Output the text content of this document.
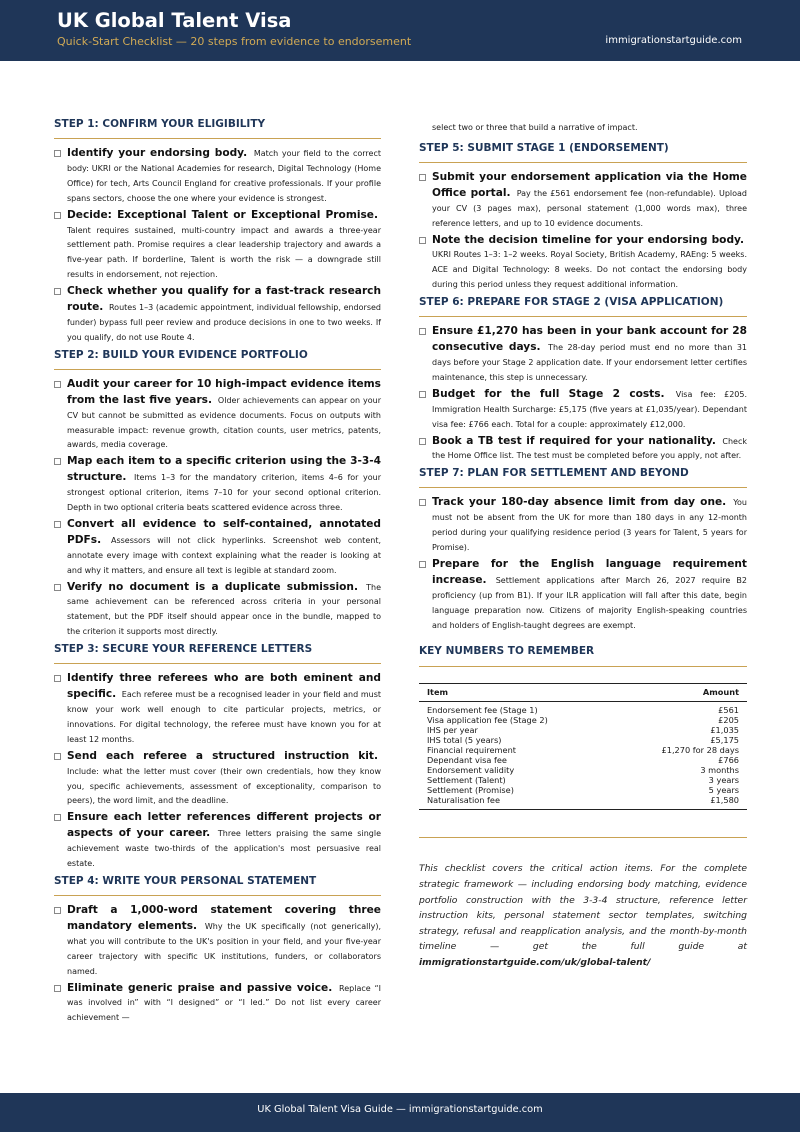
UK Global Talent Visa
Quick-Start Checklist — 20 steps from evidence to endorsement	immigrationstartguide.com
STEP 1: CONFIRM YOUR ELIGIBILITY
Identify your endorsing body. Match your field to the correct body: UKRI or the National Academies for research, Digital Technology (Home Office) for tech, Arts Council England for creative professionals. If your profile spans sectors, choose the one where your evidence is strongest.
Decide: Exceptional Talent or Exceptional Promise. Talent requires sustained, multi-country impact and awards a three-year settlement path. Promise requires a clear leadership trajectory and awards a five-year path. If borderline, Talent is worth the risk — a downgrade still results in endorsement, not rejection.
Check whether you qualify for a fast-track research route. Routes 1–3 (academic appointment, individual fellowship, endorsed funder) bypass full peer review and produce decisions in one to two weeks. If you qualify, do not use Route 4.
STEP 2: BUILD YOUR EVIDENCE PORTFOLIO
Audit your career for 10 high-impact evidence items from the last five years. Older achievements can appear on your CV but cannot be submitted as evidence documents. Focus on outputs with measurable impact: revenue growth, citation counts, user metrics, patents, awards, media coverage.
Map each item to a specific criterion using the 3-3-4 structure. Items 1–3 for the mandatory criterion, items 4–6 for your strongest optional criterion, items 7–10 for your second optional criterion. Depth in two optional criteria beats scattered evidence across three.
Convert all evidence to self-contained, annotated PDFs. Assessors will not click hyperlinks. Screenshot web content, annotate every image with context explaining what the reader is looking at and why it matters, and ensure all text is legible at standard zoom.
Verify no document is a duplicate submission. The same achievement can be referenced across criteria in your personal statement, but the PDF itself should appear once in the bundle, mapped to the criterion it supports most directly.
STEP 3: SECURE YOUR REFERENCE LETTERS
Identify three referees who are both eminent and specific. Each referee must be a recognised leader in your field and must know your work well enough to cite particular projects, metrics, or innovations. For digital technology, the referee must have known you for at least 12 months.
Send each referee a structured instruction kit. Include: what the letter must cover (their own credentials, how they know you, specific achievements, assessment of exceptionality, comparison to peers), the word limit, and the deadline.
Ensure each letter references different projects or aspects of your career. Three letters praising the same single achievement waste two-thirds of the application's most persuasive real estate.
STEP 4: WRITE YOUR PERSONAL STATEMENT
Draft a 1,000-word statement covering three mandatory elements. Why the UK specifically (not generically), what you will contribute to the UK's position in your field, and your five-year career trajectory with specific UK institutions, funders, or collaborators named.
Eliminate generic praise and passive voice. Replace “I was involved in” with “I designed” or “I led.” Do not list every career achievement —
select two or three that build a narrative of impact.
STEP 5: SUBMIT STAGE 1 (ENDORSEMENT)
Submit your endorsement application via the Home Office portal. Pay the £561 endorsement fee (non-refundable). Upload your CV (3 pages max), personal statement (1,000 words max), three reference letters, and up to 10 evidence documents.
Note the decision timeline for your endorsing body. UKRI Routes 1–3: 1–2 weeks. Royal Society, British Academy, RAEng: 5 weeks. ACE and Digital Technology: 8 weeks. Do not contact the endorsing body during this period unless they request additional information.
STEP 6: PREPARE FOR STAGE 2 (VISA APPLICATION)
Ensure £1,270 has been in your bank account for 28 consecutive days. The 28-day period must end no more than 31 days before your Stage 2 application date. If your endorsement letter certifies maintenance, this step is unnecessary.
Budget for the full Stage 2 costs. Visa fee: £205. Immigration Health Surcharge: £5,175 (five years at £1,035/year). Dependant visa fee: £766 each. Total for a couple: approximately £12,000.
Book a TB test if required for your nationality. Check the Home Office list. The test must be completed before you apply, not after.
STEP 7: PLAN FOR SETTLEMENT AND BEYOND
Track your 180-day absence limit from day one. You must not be absent from the UK for more than 180 days in any 12-month period during your qualifying residence period (3 years for Talent, 5 years for Promise).
Prepare for the English language requirement increase. Settlement applications after March 26, 2027 require B2 proficiency (up from B1). If your ILR application will fall after this date, begin language preparation now. Citizens of majority English-speaking countries and holders of English-taught degrees are exempt.
KEY NUMBERS TO REMEMBER
Item	Amount
Endorsement fee (Stage 1)	£561
Visa application fee (Stage 2)	£205
IHS per year	£1,035
IHS total (5 years)	£5,175
Financial requirement	£1,270 for 28 days
Dependant visa fee	£766
Endorsement validity	3 months
Settlement (Talent)	3 years
Settlement (Promise)	5 years
Naturalisation fee	£1,580
This checklist covers the critical action items. For the complete strategic framework — including endorsing body matching, evidence portfolio construction with the 3-3-4 structure, reference letter instruction kits, personal statement sector templates, switching strategy, refusal and reapplication analysis, and the month-by-month timeline — get the full guide at immigrationstartguide.com/uk/global-talent/
UK Global Talent Visa Guide — immigrationstartguide.com
